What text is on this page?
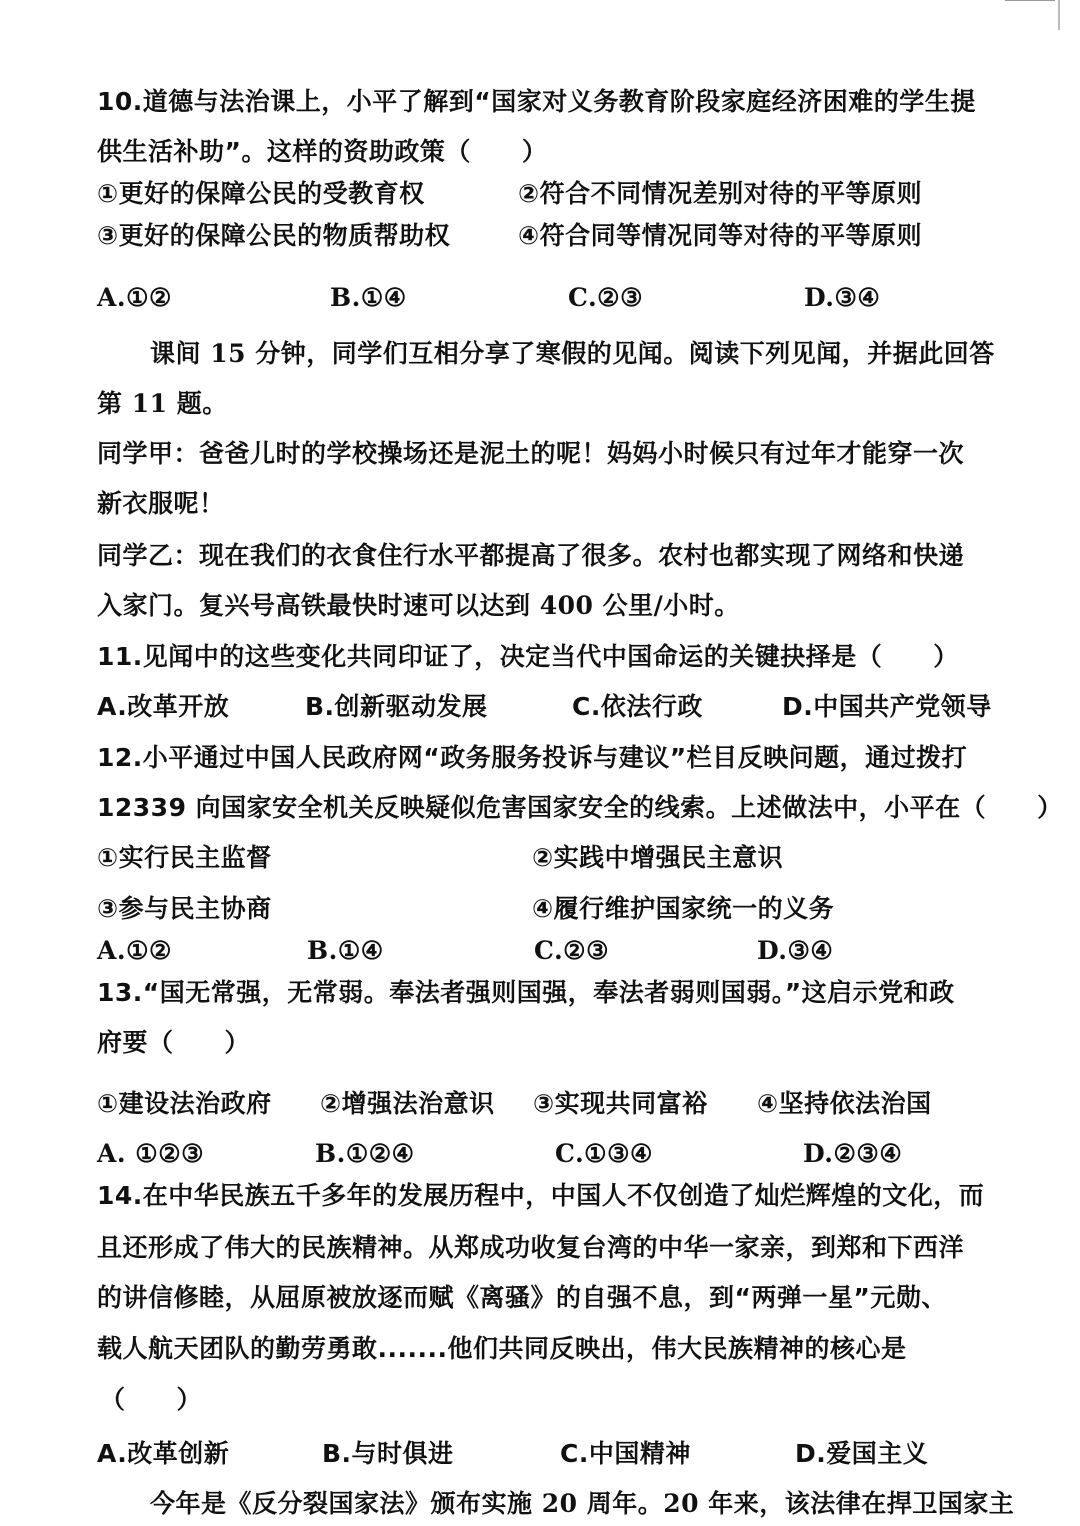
10.道德与法治课上，小平了解到“国家对义务教育阶段家庭经济困难的学生提
供生活补助”。这样的资助政策（　　）
①更好的保障公民的受教育权	②符合不同情况差别对待的平等原则
③更好的保障公民的物质帮助权	④符合同等情况同等对待的平等原则
A.①②	B.①④	C.②③	D.③④
课间 15 分钟，同学们互相分享了寒假的见闻。阅读下列见闻，并据此回答
第 11 题。
同学甲：爸爸儿时的学校操场还是泥土的呢！妈妈小时候只有过年才能穿一次
新衣服呢！
同学乙：现在我们的衣食住行水平都提高了很多。农村也都实现了网络和快递
入家门。复兴号高铁最快时速可以达到 400 公里/小时。
11.见闻中的这些变化共同印证了，决定当代中国命运的关键抉择是（　　）
A.改革开放	B.创新驱动发展	C.依法行政	D.中国共产党领导
12.小平通过中国人民政府网“政务服务投诉与建议”栏目反映问题，通过拨打
12339 向国家安全机关反映疑似危害国家安全的线索。上述做法中，小平在（　　）
①实行民主监督	②实践中增强民主意识
③参与民主协商	④履行维护国家统一的义务
A.①②	B.①④	C.②③	D.③④
13.“国无常强，无常弱。奉法者强则国强，奉法者弱则国弱。”这启示党和政
府要（　　）
①建设法治政府 ②增强法治意识 ③实现共同富裕 ④坚持依法治国
A. ①②③	B.①②④	C.①③④	D.②③④
14.在中华民族五千多年的发展历程中，中国人不仅创造了灿烂辉煌的文化，而
且还形成了伟大的民族精神。从郑成功收复台湾的中华一家亲，到郑和下西洋
的讲信修睦，从屈原被放逐而赋《离骚》的自强不息，到“两弹一星”元勋、
载人航天团队的勤劳勇敢.......他们共同反映出，伟大民族精神的核心是
（　　）
A.改革创新	B.与时俱进	C.中国精神	D.爱国主义
今年是《反分裂国家法》颁布实施 20 周年。20 年来，该法律在捍卫国家主
